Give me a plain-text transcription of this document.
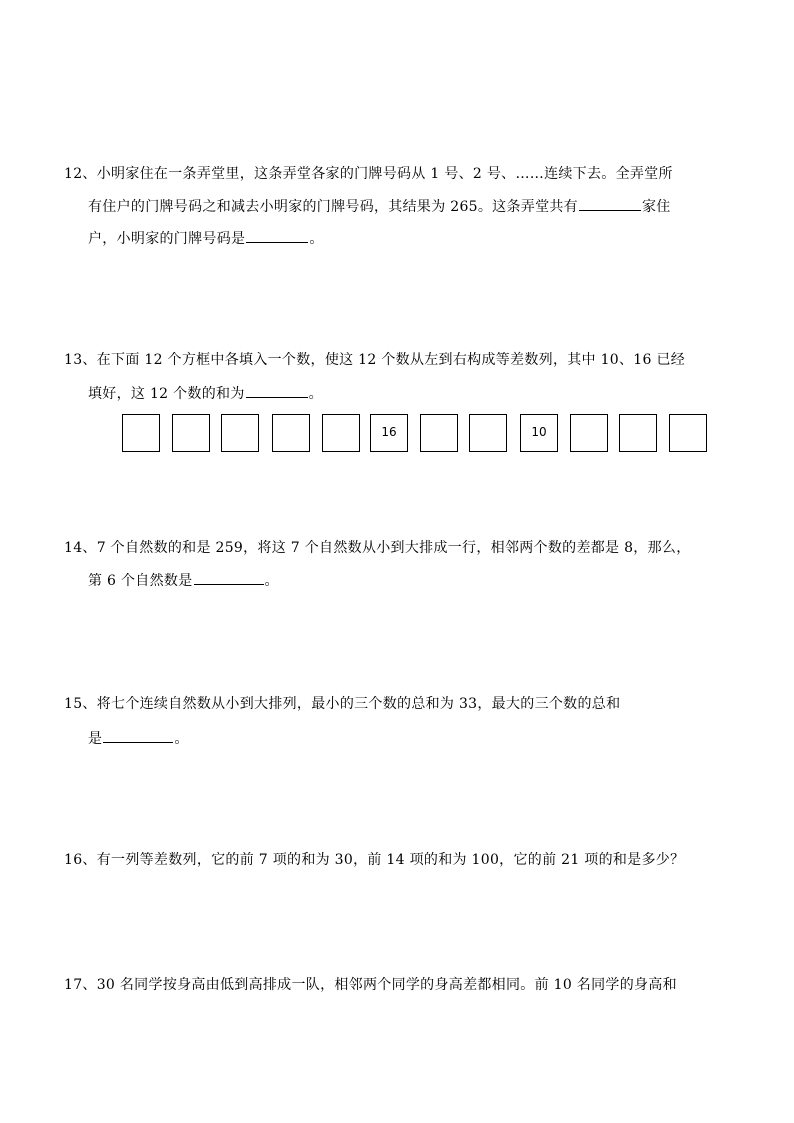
12、小明家住在一条弄堂里，这条弄堂各家的门牌号码从 1 号、2 号、……连续下去。全弄堂所
有住户的门牌号码之和减去小明家的门牌号码，其结果为 265。这条弄堂共有	家住
户，小明家的门牌号码是	。
13、在下面 12 个方框中各填入一个数，使这 12 个数从左到右构成等差数列，其中 10、16 已经
填好，这 12 个数的和为	。
16	10
14、7 个自然数的和是 259，将这 7 个自然数从小到大排成一行，相邻两个数的差都是 8，那么，
第 6 个自然数是	。
15、将七个连续自然数从小到大排列，最小的三个数的总和为 33，最大的三个数的总和
是	。
16、有一列等差数列，它的前 7 项的和为 30，前 14 项的和为 100，它的前 21 项的和是多少？
17、30 名同学按身高由低到高排成一队，相邻两个同学的身高差都相同。前 10 名同学的身高和
